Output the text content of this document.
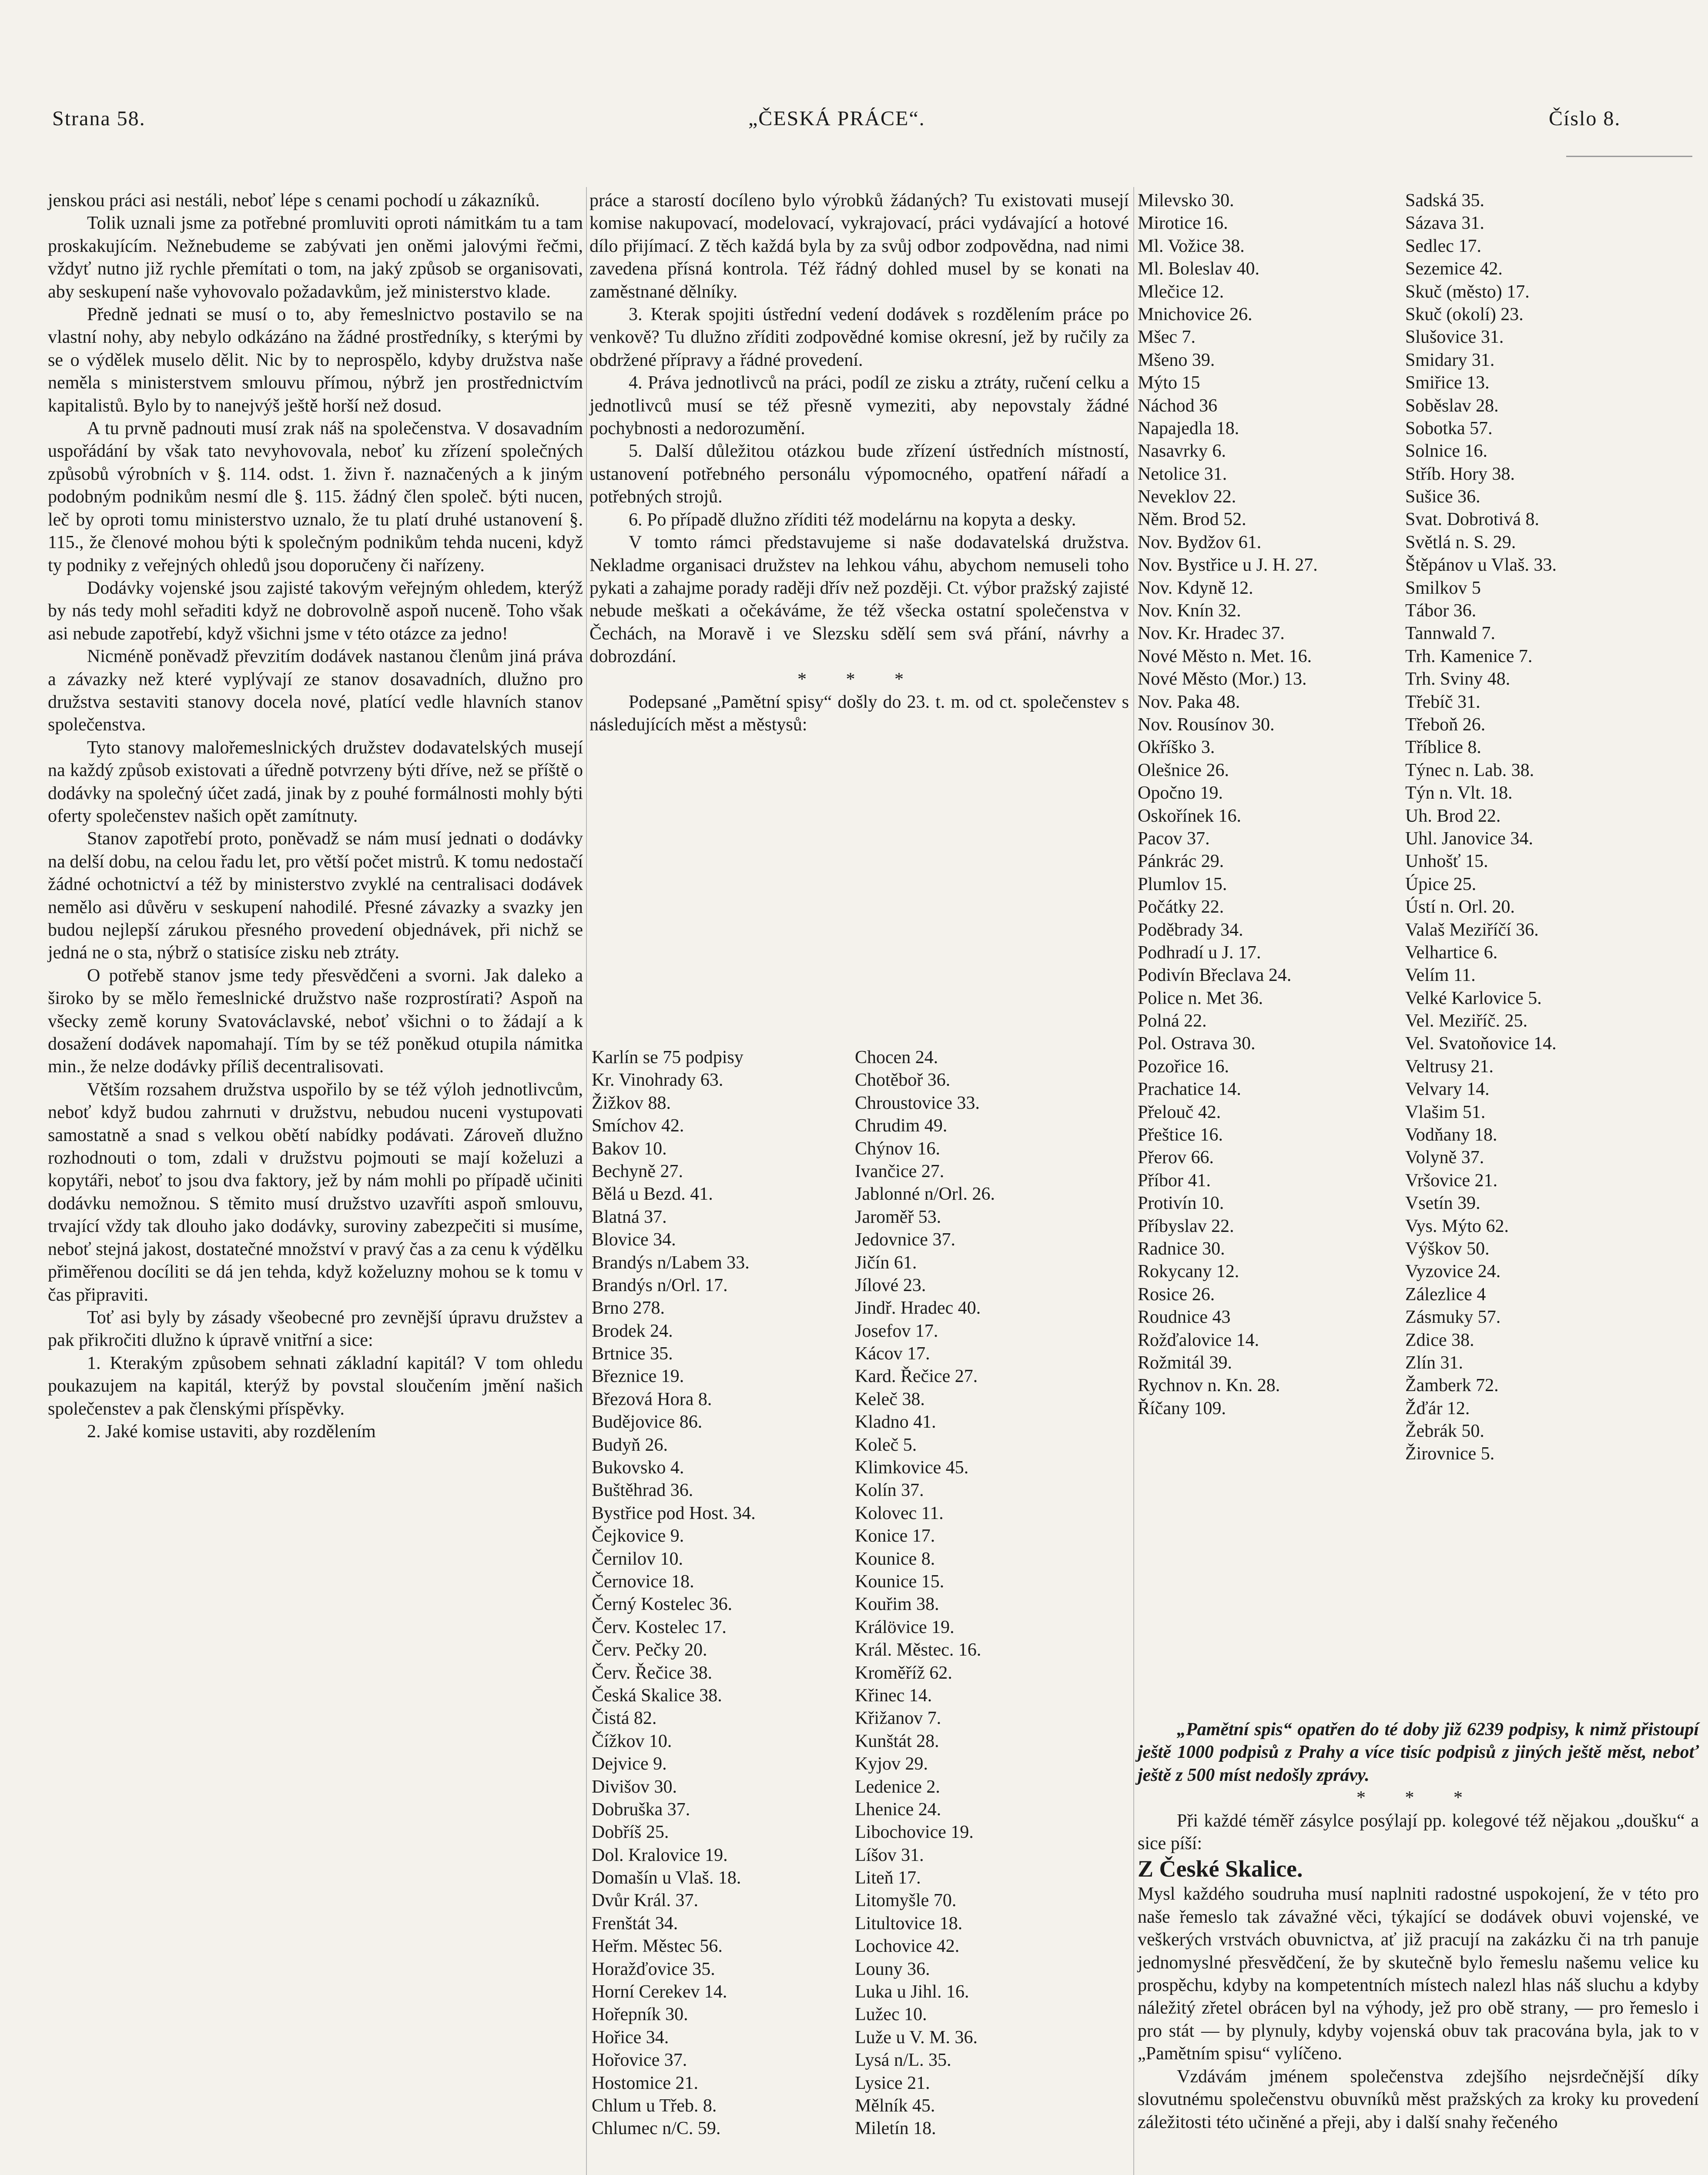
Strana 58.	„ČESKÁ PRÁCE“.	Číslo 8.

jenskou práci asi nestáli, neboť lépe s cenami pochodí u zákazníků.

Tolik uznali jsme za potřebné promluviti oproti námitkám tu a tam proskakujícím. Nežnebudeme se zabývati jen oněmi jalovými řečmi, vždyť nutno již rychle přemítati o tom, na jaký způsob se organisovati, aby seskupení naše vyhovovalo požadavkům, jež ministerstvo klade.

Předně jednati se musí o to, aby řemeslnictvo postavilo se na vlastní nohy, aby nebylo odkázáno na žádné prostředníky, s kterými by se o výdělek muselo dělit. Nic by to neprospělo, kdyby družstva naše neměla s ministerstvem smlouvu přímou, nýbrž jen prostřednictvím kapitalistů. Bylo by to nanejvýš ještě horší než dosud.

A tu prvně padnouti musí zrak náš na společenstva. V dosavadním uspořádání by však tato nevyhovovala, neboť ku zřízení společných způsobů výrobních v §. 114. odst. 1. živn ř. naznačených a k jiným podobným podnikům nesmí dle §. 115. žádný člen společ. býti nucen, leč by oproti tomu ministerstvo uznalo, že tu platí druhé ustanovení §. 115., že členové mohou býti k společným podnikům tehda nuceni, když ty podniky z veřejných ohledů jsou doporučeny či nařízeny.

Dodávky vojenské jsou zajisté takovým veřejným ohledem, kterýž by nás tedy mohl seřaditi když ne dobrovolně aspoň nuceně. Toho však asi nebude zapotřebí, když všichni jsme v této otázce za jedno!

Nicméně poněvadž převzitím dodávek nastanou členům jiná práva a závazky než které vyplývají ze stanov dosavadních, dlužno pro družstva sestaviti stanovy docela nové, platící vedle hlavních stanov společenstva.

Tyto stanovy malořemeslnických družstev dodavatelských musejí na každý způsob existovati a úředně potvrzeny býti dříve, než se příště o dodávky na společný účet zadá, jinak by z pouhé formálnosti mohly býti oferty společenstev našich opět zamítnuty.

Stanov zapotřebí proto, poněvadž se nám musí jednati o dodávky na delší dobu, na celou řadu let, pro větší počet mistrů. K tomu nedostačí žádné ochotnictví a též by ministerstvo zvyklé na centralisaci dodávek nemělo asi důvěru v seskupení nahodilé. Přesné závazky a svazky jen budou nejlepší zárukou přesného provedení objednávek, při nichž se jedná ne o sta, nýbrž o statisíce zisku neb ztráty.

O potřebě stanov jsme tedy přesvědčeni a svorni. Jak daleko a široko by se mělo řemeslnické družstvo naše rozprostírati? Aspoň na všecky země koruny Svatováclavské, neboť všichni o to žádají a k dosažení dodávek napomahají. Tím by se též poněkud otupila námitka min., že nelze dodávky příliš decentralisovati.

Větším rozsahem družstva uspořilo by se též výloh jednotlivcům, neboť když budou zahrnuti v družstvu, nebudou nuceni vystupovati samostatně a snad s velkou obětí nabídky podávati. Zároveň dlužno rozhodnouti o tom, zdali v družstvu pojmouti se mají koželuzi a kopytáři, neboť to jsou dva faktory, jež by nám mohli po případě učiniti dodávku nemožnou. S těmito musí družstvo uzavříti aspoň smlouvu, trvající vždy tak dlouho jako dodávky, suroviny zabezpečiti si musíme, neboť stejná jakost, dostatečné množství v pravý čas a za cenu k výdělku přiměřenou docíliti se dá jen tehda, když koželuzny mohou se k tomu v čas připraviti.

Toť asi byly by zásady všeobecné pro zevnější úpravu družstev a pak přikročiti dlužno k úpravě vnitřní a sice:

1. Kterakým způsobem sehnati základní kapitál? V tom ohledu poukazujem na kapitál, kterýž by povstal sloučením jmění našich společenstev a pak členskými příspěvky.

2. Jaké komise ustaviti, aby rozdělením

práce a starostí docíleno bylo výrobků žádaných? Tu existovati musejí komise nakupovací, modelovací, vykrajovací, práci vydávající a hotové dílo přijímací. Z těch každá byla by za svůj odbor zodpovědna, nad nimi zavedena přísná kontrola. Též řádný dohled musel by se konati na zaměstnané dělníky.

3. Kterak spojiti ústřední vedení dodávek s rozdělením práce po venkově? Tu dlužno zříditi zodpovědné komise okresní, jež by ručily za obdržené přípravy a řádné provedení.

4. Práva jednotlivců na práci, podíl ze zisku a ztráty, ručení celku a jednotlivců musí se též přesně vymeziti, aby nepovstaly žádné pochybnosti a nedorozumění.

5. Další důležitou otázkou bude zřízení ústředních místností, ustanovení potřebného personálu výpomocného, opatření nářadí a potřebných strojů.

6. Po případě dlužno zříditi též modelárnu na kopyta a desky.

V tomto rámci představujeme si naše dodavatelská družstva. Nekladme organisaci družstev na lehkou váhu, abychom nemuseli toho pykati a zahajme porady raději dřív než později. Ct. výbor pražský zajisté nebude meškati a očekáváme, že též všecka ostatní společenstva v Čechách, na Moravě i ve Slezsku sdělí sem svá přání, návrhy a dobrozdání.

* * *

Podepsané „Pamětní spisy“ došly do 23. t. m. od ct. společenstev s následujících měst a městysů:

Karlín se 75 podpisy
Kr. Vinohrady 63.
Žižkov 88.
Smíchov 42.
Bakov 10.
Bechyně 27.
Bělá u Bezd. 41.
Blatná 37.
Blovice 34.
Brandýs n/Labem 33.
Brandýs n/Orl. 17.
Brno 278.
Brodek 24.
Brtnice 35.
Březnice 19.
Březová Hora 8.
Budějovice 86.
Budyň 26.
Bukovsko 4.
Buštěhrad 36.
Bystřice pod Host. 34.
Čejkovice 9.
Černilov 10.
Černovice 18.
Černý Kostelec 36.
Červ. Kostelec 17.
Červ. Pečky 20.
Červ. Řečice 38.
Česká Skalice 38.
Čistá 82.
Čížkov 10.
Dejvice 9.
Divišov 30.
Dobruška 37.
Dobříš 25.
Dol. Kralovice 19.
Domašín u Vlaš. 18.
Dvůr Král. 37.
Frenštát 34.
Heřm. Městec 56.
Horažďovice 35.
Horní Cerekev 14.
Hořepník 30.
Hořice 34.
Hořovice 37.
Hostomice 21.
Chlum u Třeb. 8.
Chlumec n/C. 59.
Chocen 24.
Chotěboř 36.
Chroustovice 33.
Chrudim 49.
Chýnov 16.
Ivančice 27.
Jablonné n/Orl. 26.
Jaroměř 53.
Jedovnice 37.
Jičín 61.
Jílové 23.
Jindř. Hradec 40.
Josefov 17.
Kácov 17.
Kard. Řečice 27.
Keleč 38.
Kladno 41.
Koleč 5.
Klimkovice 45.
Kolín 37.
Kolovec 11.
Konice 17.
Kounice 8.
Kounice 15.
Kouřim 38.
Králövice 19.
Král. Městec. 16.
Kroměříž 62.
Křinec 14.
Křižanov 7.
Kunštát 28.
Kyjov 29.
Ledenice 2.
Lhenice 24.
Libochovice 19.
Líšov 31.
Liteň 17.
Litomyšle 70.
Litultovice 18.
Lochovice 42.
Louny 36.
Luka u Jihl. 16.
Lužec 10.
Luže u V. M. 36.
Lysá n/L. 35.
Lysice 21.
Mělník 45.
Miletín 18.
Milevsko 30.
Mirotice 16.
Ml. Vožice 38.
Ml. Boleslav 40.
Mlečice 12.
Mnichovice 26.
Mšec 7.
Mšeno 39.
Mýto 15
Náchod 36
Napajedla 18.
Nasavrky 6.
Netolice 31.
Neveklov 22.
Něm. Brod 52.
Nov. Bydžov 61.
Nov. Bystřice u J. H. 27.
Nov. Kdyně 12.
Nov. Knín 32.
Nov. Kr. Hradec 37.
Nové Město n. Met. 16.
Nové Město (Mor.) 13.
Nov. Paka 48.
Nov. Rousínov 30.
Okříško 3.
Olešnice 26.
Opočno 19.
Oskořínek 16.
Pacov 37.
Pánkrác 29.
Plumlov 15.
Počátky 22.
Poděbrady 34.
Podhradí u J. 17.
Podivín Břeclava 24.
Police n. Met 36.
Polná 22.
Pol. Ostrava 30.
Pozořice 16.
Prachatice 14.
Přelouč 42.
Přeštice 16.
Přerov 66.
Příbor 41.
Protivín 10.
Příbyslav 22.
Radnice 30.
Rokycany 12.
Rosice 26.
Roudnice 43
Rožďalovice 14.
Rožmitál 39.
Rychnov n. Kn. 28.
Říčany 109.
Sadská 35.
Sázava 31.
Sedlec 17.
Sezemice 42.
Skuč (město) 17.
Skuč (okolí) 23.
Slušovice 31.
Smidary 31.
Smiřice 13.
Soběslav 28.
Sobotka 57.
Solnice 16.
Stříb. Hory 38.
Sušice 36.
Svat. Dobrotivá 8.
Světlá n. S. 29.
Štěpánov u Vlaš. 33.
Smilkov 5
Tábor 36.
Tannwald 7.
Trh. Kamenice 7.
Trh. Sviny 48.
Třebíč 31.
Třeboň 26.
Tříblice 8.
Týnec n. Lab. 38.
Týn n. Vlt. 18.
Uh. Brod 22.
Uhl. Janovice 34.
Unhošť 15.
Úpice 25.
Ústí n. Orl. 20.
Valaš Meziříčí 36.
Velhartice 6.
Velím 11.
Velké Karlovice 5.
Vel. Meziříč. 25.
Vel. Svatoňovice 14.
Veltrusy 21.
Velvary 14.
Vlašim 51.
Vodňany 18.
Volyně 37.
Vršovice 21.
Vsetín 39.
Vys. Mýto 62.
Výškov 50.
Vyzovice 24.
Zálezlice 4
Zásmuky 57.
Zdice 38.
Zlín 31.
Žamberk 72.
Žďár 12.
Žebrák 50.
Žirovnice 5.

„Pamětní spis“ opatřen do té doby již 6239 podpisy, k nimž přistoupí ještě 1000 podpisů z Prahy a více tisíc podpisů z jiných ještě měst, neboť ještě z 500 míst nedošly zprávy.

* * *

Při každé téměř zásylce posýlají pp. kolegové též nějakou „doušku“ a sice píší:

Z České Skalice.

Mysl každého soudruha musí naplniti radostné uspokojení, že v této pro naše řemeslo tak závažné věci, týkající se dodávek obuvi vojenské, ve veškerých vrstvách obuvnictva, ať již pracují na zakázku či na trh panuje jednomyslné přesvědčení, že by skutečně bylo řemeslu našemu velice ku prospěchu, kdyby na kompetentních místech nalezl hlas náš sluchu a kdyby náležitý zřetel obrácen byl na výhody, jež pro obě strany, — pro řemeslo i pro stát — by plynuly, kdyby vojenská obuv tak pracována byla, jak to v „Pamětním spisu“ vylíčeno.

Vzdávám jménem společenstva zdejšího nejsrdečnější díky slovutnému společenstvu obuvníků měst pražských za kroky ku provedení záležitosti této učiněné a přeji, aby i další snahy řečeného
